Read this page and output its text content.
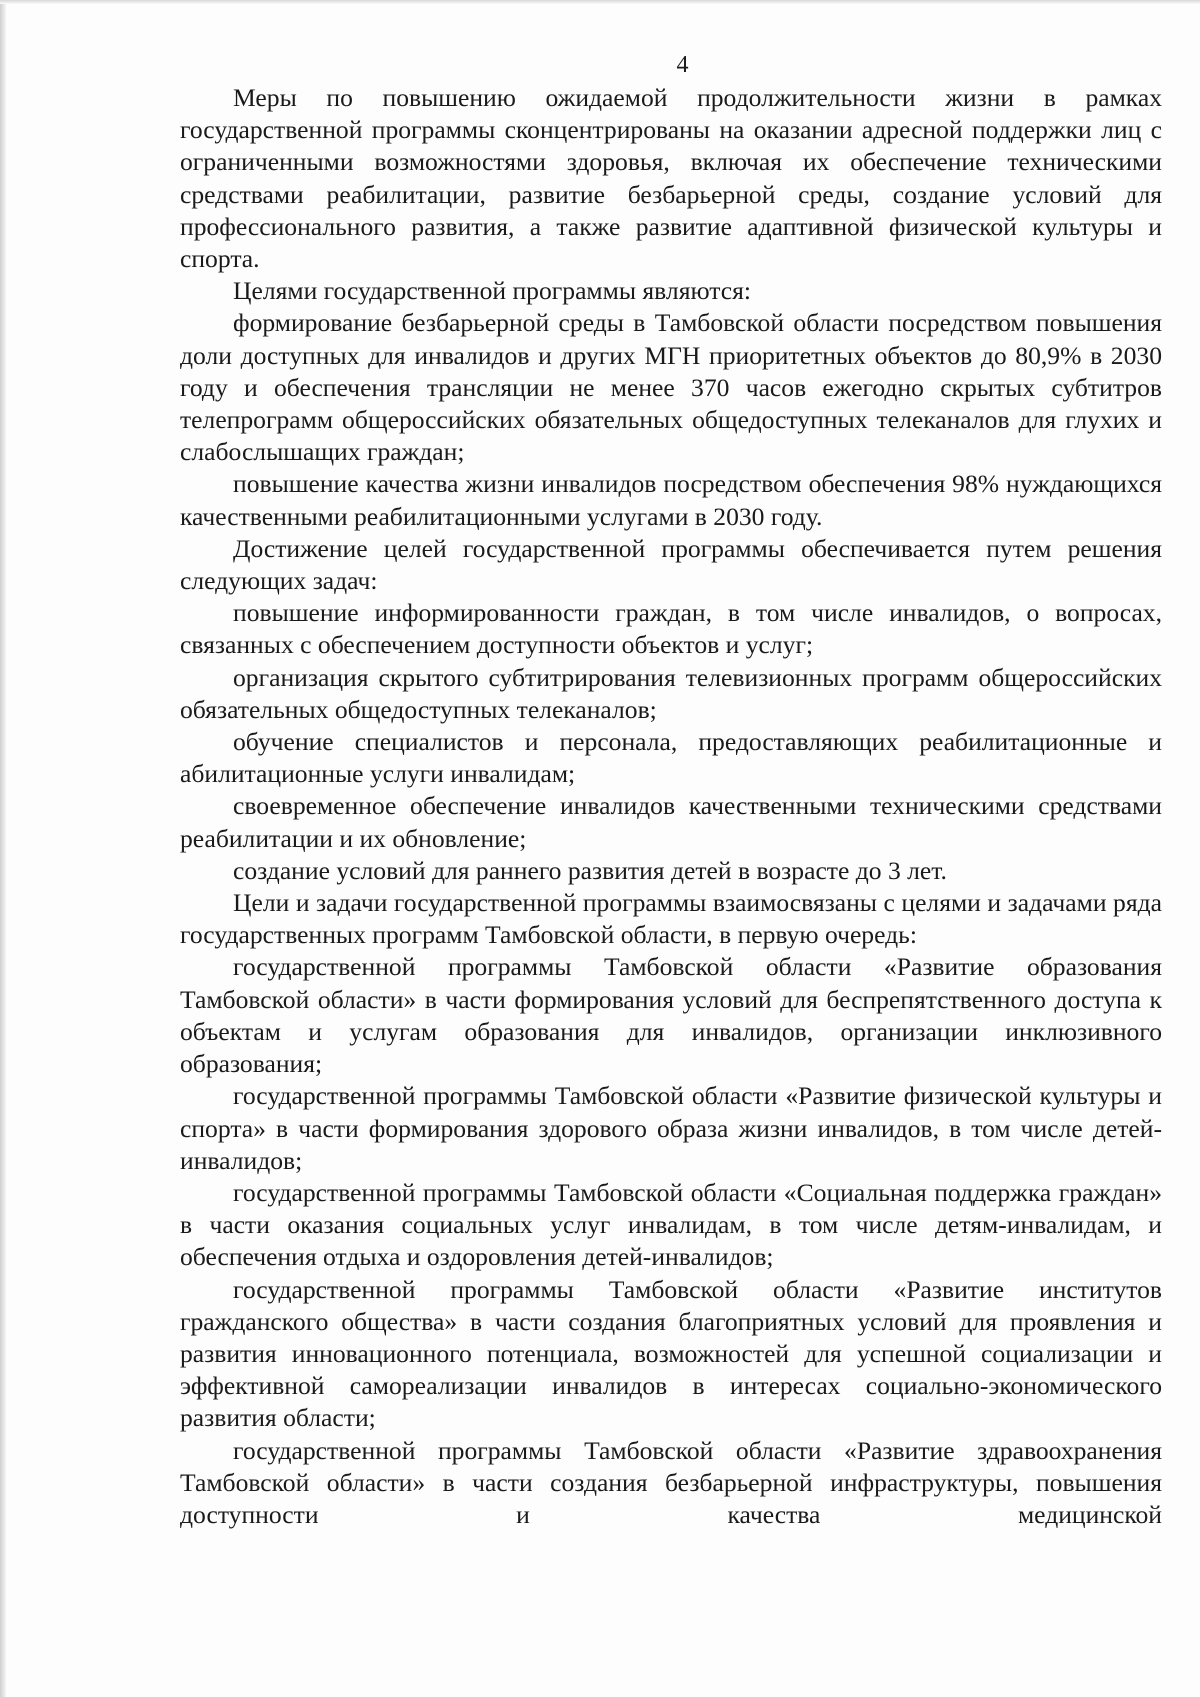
4

Меры по повышению ожидаемой продолжительности жизни в рамках государственной программы сконцентрированы на оказании адресной поддержки лиц с ограниченными возможностями здоровья, включая их обеспечение техническими средствами реабилитации, развитие безбарьерной среды, создание условий для профессионального развития, а также развитие адаптивной физической культуры и спорта.

Целями государственной программы являются:

формирование безбарьерной среды в Тамбовской области посредством повышения доли доступных для инвалидов и других МГН приоритетных объектов до 80,9% в 2030 году и обеспечения трансляции не менее 370 часов ежегодно скрытых субтитров телепрограмм общероссийских обязательных общедоступных телеканалов для глухих и слабослышащих граждан;

повышение качества жизни инвалидов посредством обеспечения 98% нуждающихся качественными реабилитационными услугами в 2030 году.

Достижение целей государственной программы обеспечивается путем решения следующих задач:

повышение информированности граждан, в том числе инвалидов, о вопросах, связанных с обеспечением доступности объектов и услуг;

организация скрытого субтитрирования телевизионных программ общероссийских обязательных общедоступных телеканалов;

обучение специалистов и персонала, предоставляющих реабилитационные и абилитационные услуги инвалидам;

своевременное обеспечение инвалидов качественными техническими средствами реабилитации и их обновление;

создание условий для раннего развития детей в возрасте до 3 лет.

Цели и задачи государственной программы взаимосвязаны с целями и задачами ряда государственных программ Тамбовской области, в первую очередь:

государственной программы Тамбовской области «Развитие образования Тамбовской области» в части формирования условий для беспрепятственного доступа к объектам и услугам образования для инвалидов, организации инклюзивного образования;

государственной программы Тамбовской области «Развитие физической культуры и спорта» в части формирования здорового образа жизни инвалидов, в том числе детей-инвалидов;

государственной программы Тамбовской области «Социальная поддержка граждан» в части оказания социальных услуг инвалидам, в том числе детям-инвалидам, и обеспечения отдыха и оздоровления детей-инвалидов;

государственной программы Тамбовской области «Развитие институтов гражданского общества» в части создания благоприятных условий для проявления и развития инновационного потенциала, возможностей для успешной социализации и эффективной самореализации инвалидов в интересах социально-экономического развития области;

государственной программы Тамбовской области «Развитие здравоохранения Тамбовской области» в части создания безбарьерной инфраструктуры, повышения доступности и качества медицинской
